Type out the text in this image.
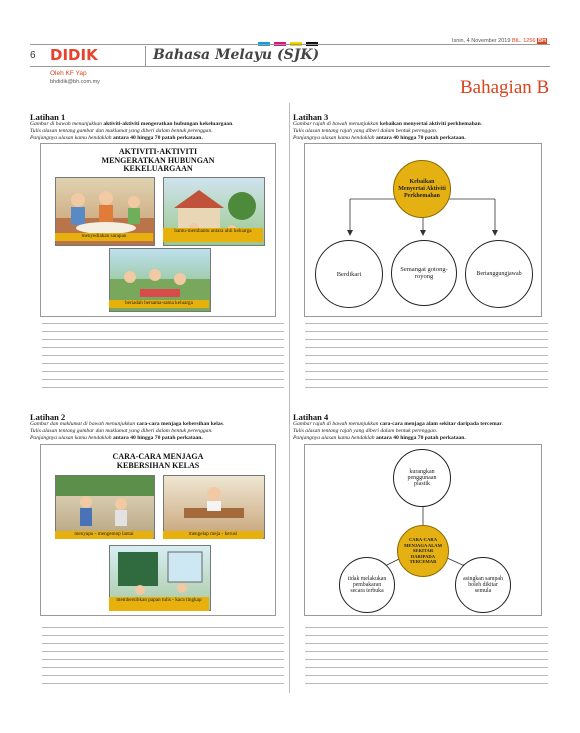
6 DIDIK	Bahasa Melayu (SJK)
Isnin, 4 November 2019 BIL. 1256 BH
Oleh KF Yap
bhdidik@bh.com.my	Bahagian B
Latihan 1
Gambar di bawah menunjukkan aktiviti-aktiviti mengeratkan hubungan kekeluargaan.
Tulis alasan tentang gambar dan maklumat yang diberi dalam bentuk perenggan.
Panjangnya ulasan kamu hendaklah antara 40 hingga 70 patah perkataan.
AKTIVITI-AKTIVITI
MENGERATKAN HUBUNGAN
KEKELUARGAAN
menyediakan sarapan
bantu-membantu antara ahli keluarga
beriadah bersama-sama keluarga
Latihan 3
Gambar rajah di bawah menunjukkan kebaikan menyertai aktiviti perkhemahan.
Tulis alasan tentang rajah yang diberi dalam bentuk perenggan.
Panjangnya ulasan kamu hendaklah antara 40 hingga 70 patah perkataan.
Kebaikan Menyertai Aktiviti Perkhemahan
Berdikari
Semangat gotong-royong	Bertanggungjawab
Latihan 2
Gambar dan maklumat di bawah menunjukkan cara-cara menjaga kebersihan kelas.
Tulis alasan tentang gambar dan maklumat yang diberi dalam bentuk perenggan.
Panjangnya ulasan kamu hendaklah antara 40 hingga 70 patah perkataan.
CARA-CARA MENJAGA
KEBERSIHAN KELAS
menyapu - mengemop lantai	mengelap meja - kerusi
membersihkan papan tulis - kaca tingkap
Latihan 4
Gambar rajah di bawah menunjukkan cara-cara menjaga alam sekitar daripada tercemar.
Tulis alasan tentang rajah yang diberi dalam bentuk perenggan.
Panjangnya ulasan kamu hendaklah antara 40 hingga 70 patah perkataan.
kurangkan penggunaan plastik
CARA-CARA MENJAGA ALAM SEKITAR DARIPADA TERCEMAR
tidak melakukan pembakaran secara terbuka
asingkan sampah boleh dikitar semula
